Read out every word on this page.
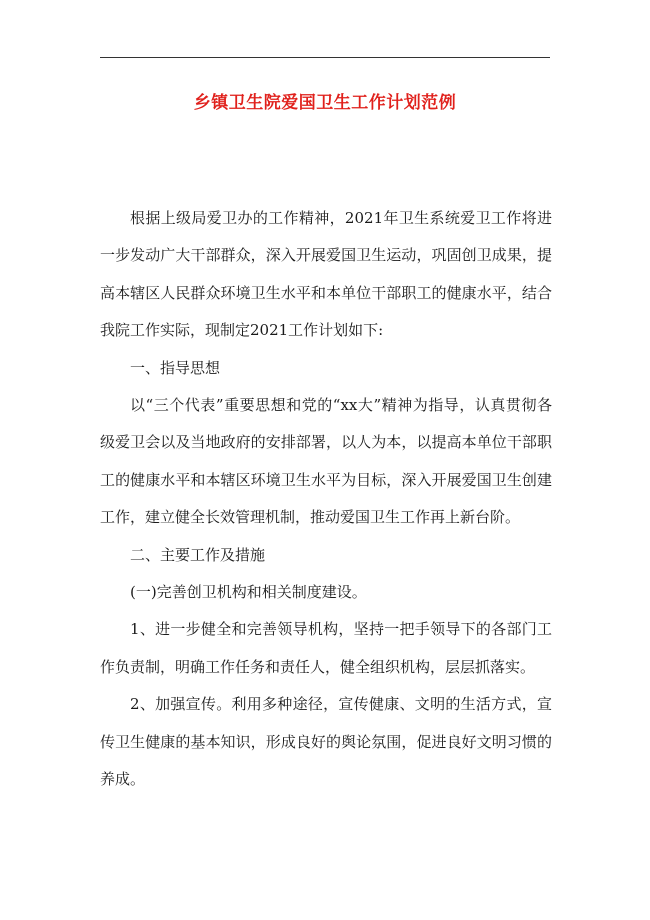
乡镇卫生院爱国卫生工作计划范例

根据上级局爱卫办的工作精神，2021年卫生系统爱卫工作将进一步发动广大干部群众，深入开展爱国卫生运动，巩固创卫成果，提高本辖区人民群众环境卫生水平和本单位干部职工的健康水平，结合我院工作实际，现制定2021工作计划如下:

一、指导思想

以“三个代表”重要思想和党的“xx大”精神为指导，认真贯彻各级爱卫会以及当地政府的安排部署，以人为本，以提高本单位干部职工的健康水平和本辖区环境卫生水平为目标，深入开展爱国卫生创建工作，建立健全长效管理机制，推动爱国卫生工作再上新台阶。

二、主要工作及措施

(一)完善创卫机构和相关制度建设。

1、进一步健全和完善领导机构，坚持一把手领导下的各部门工作负责制，明确工作任务和责任人，健全组织机构，层层抓落实。

2、加强宣传。利用多种途径，宣传健康、文明的生活方式，宣传卫生健康的基本知识，形成良好的舆论氛围，促进良好文明习惯的养成。
